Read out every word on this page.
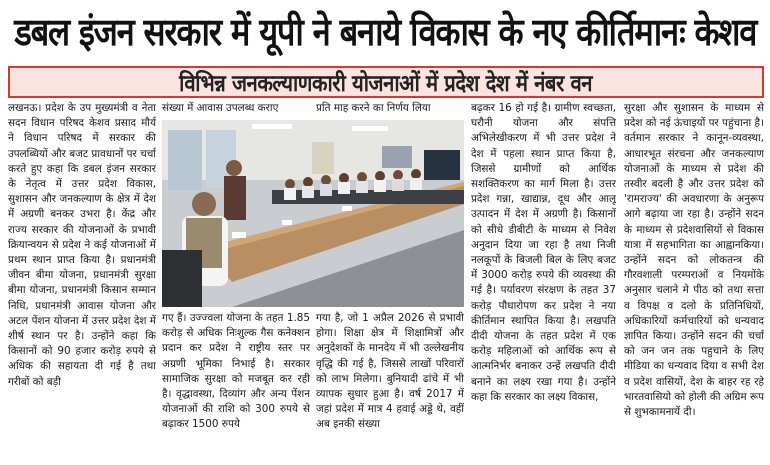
डबल इंजन सरकार में यूपी ने बनाये विकास के नए कीर्तिमानः केशव
विभिन्न जनकल्याणकारी योजनाओं में प्रदेश देश में नंबर वन

लखनऊ। प्रदेश के उप मुख्यमंत्री व नेता सदन विधान परिषद केशव प्रसाद मौर्य ने विधान परिषद में सरकार की उपलब्धियों और बजट प्रावधानों पर चर्चा करते हुए कहा कि डबल इंजन सरकार के नेतृत्व में उत्तर प्रदेश विकास, सुशासन और जनकल्याण के क्षेत्र में देश में अग्रणी बनकर उभरा है। केंद्र और राज्य सरकार की योजनाओं के प्रभावी क्रियान्वयन से प्रदेश ने कई योजनाओं में प्रथम स्थान प्राप्त किया है। प्रधानमंत्री जीवन बीमा योजना, प्रधानमंत्री सुरक्षा बीमा योजना, प्रधानमंत्री किसान सम्मान निधि, प्रधानमंत्री आवास योजना और अटल पेंशन योजना में उत्तर प्रदेश देश में शीर्ष स्थान पर है। उन्होंने कहा कि किसानों को 90 हजार करोड़ रुपये से अधिक की सहायता दी गई है तथा गरीबों को बड़ी

संख्या में आवास उपलब्ध कराए	प्रति माह करने का निर्णय लिया

गए हैं। उज्ज्वला योजना के तहत 1.85 करोड़ से अधिक निःशुल्क गैस कनेक्शन प्रदान कर प्रदेश ने राष्ट्रीय स्तर पर अग्रणी भूमिका निभाई है। सरकार सामाजिक सुरक्षा को मजबूत कर रही है। वृद्धावस्था, दिव्यांग और अन्य पेंशन योजनाओं की राशि को 300 रुपये से बढ़ाकर 1500 रुपये

गया है, जो 1 अप्रैल 2026 से प्रभावी होगा। शिक्षा क्षेत्र में शिक्षामित्रों और अनुदेशकों के मानदेय में भी उल्लेखनीय वृद्धि की गई है, जिससे लाखों परिवारों को लाभ मिलेगा। बुनियादी ढांचे में भी व्यापक सुधार हुआ है। वर्ष 2017 में जहां प्रदेश में मात्र 4 हवाई अड्डे थे, वहीं अब इनकी संख्या

बढ़कर 16 हो गई है। ग्रामीण स्वच्छता, घरौनी योजना और संपत्ति अभिलेखीकरण में भी उत्तर प्रदेश ने देश में पहला स्थान प्राप्त किया है, जिससे ग्रामीणों को आर्थिक सशक्तिकरण का मार्ग मिला है। उत्तर प्रदेश गन्ना, खाद्यान्न, दूध और आलू उत्पादन में देश में अग्रणी है। किसानों को सीधे डीबीटी के माध्यम से निवेश अनुदान दिया जा रहा है तथा निजी नलकूपों के बिजली बिल के लिए बजट में 3000 करोड़ रुपये की व्यवस्था की गई है। पर्यावरण संरक्षण के तहत 37 करोड़ पौधारोपण कर प्रदेश ने नया कीर्तिमान स्थापित किया है। लखपति दीदी योजना के तहत प्रदेश में एक करोड़ महिलाओं को आर्थिक रूप से आत्मनिर्भर बनाकर उन्हें लखपति दीदी बनाने का लक्ष्य रखा गया है। उन्होंने कहा कि सरकार का लक्ष्य विकास,

सुरक्षा और सुशासन के माध्यम से प्रदेश को नई ऊंचाइयों पर पहुंचाना है। वर्तमान सरकार ने कानून-व्यवस्था, आधारभूत संरचना और जनकल्याण योजनाओं के माध्यम से प्रदेश की तस्वीर बदली है और उत्तर प्रदेश को 'रामराज्य' की अवधारणा के अनुरूप आगे बढ़ाया जा रहा है। उन्होंने सदन के माध्यम से प्रदेशवासियों से विकास यात्रा में सहभागिता का आह्वानकिया।उन्होंने सदन को लोकतन्त्र की गौरवशाली परम्पराओं व नियमोंके अनुसार चलाने मे पीठ को तथा सत्ता व विपक्ष व दलो के प्रतिनिधियों, अधिकारियों कर्मचारियों को धन्यवाद ज्ञापित किया। उन्होंने सदन की चर्चा को जन जन तक पहुचाने के लिए मीडिया का धन्यवाद दिया व सभी देश व प्रदेश वासियों, देश के बाहर रह रहे भारतवासियो को होली की अग्रिम रूप से शुभकामनायें दी।
